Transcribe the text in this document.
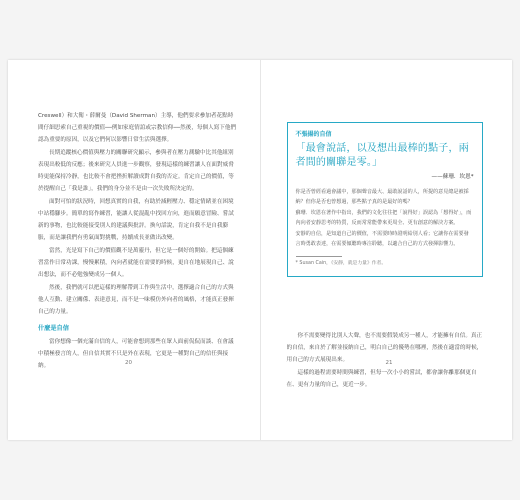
Creswell）和大衛・薛爾曼（David Sherman）主導，他們要求參加者花點時間仔細思索自己重視的價值──例如家庭情誼或宗教信仰──然後，每個人寫下他們認為重要的原因，以及它們何以影響日常生活與選擇。

長期追蹤核心價值與壓力的關聯研究顯示，參與者在壓力測驗中比其他組別表現出較低的反應；後來研究人員進一步觀察，發現這樣的練習讓人在面對威脅時更能保持冷靜，也比較不會把挫折解讀成對自我的否定。肯定自己的價值，等於提醒自己「我是誰」，我們的身分並不是由一次失敗所決定的。

面對可怕的狀況時，回想真實的自我，有助於減輕壓力、穩定情緒並在困境中站穩腳步。簡單的寫作練習，能讓人從混亂中找回方向，進而願意冒險、嘗試新的事物，也比較能接受別人的建議與批評。換句話說，肯定自我不是自我膨脹，而是讓我們有勇氣面對挑戰，持續成長並做出改變。

當然，光是寫下自己的價值觀不是萬靈丹，但它是一個好的開始。把這個練習當作日常功課，慢慢累積，內向者就能在需要的時候，更自在地展現自己、說出想法，而不必勉強變成另一個人。

然後，我們就可以把這樣的理解帶到工作與生活中，選擇適合自己的方式與他人互動、建立關係、表達意見，而不是一味模仿外向者的風格，才能真正發揮自己的力量。

什麼是自信

當你想像一個充滿自信的人，可能會想到那些在眾人面前侃侃而談、在會議中積極發言的人，但自信其實不只是外在表現，它更是一種對自己的信任與接納。	20
不張揚的自信
「最會說話，以及想出最棒的點子，兩者間的關聯是零。」
——蘇珊．坎恩*

你是否曾經看過會議中，那個聲音最大、最敢說話的人，所提的意見總是被採納？但你是否也曾想過，那些點子真的是最好的嗎？

蘇珊．坎恩在著作中指出，我們的文化往往把「說得好」誤認為「想得好」，而內向者安靜思考的特質，反而常常能帶來更周全、更有創意的解決方案。

安靜的自信，是知道自己的價值，不需要時時證明給別人看；它讓你在需要發言時勇敢表達，在需要傾聽時專注聆聽，以適合自己的方式發揮影響力。

* Susan Cain，《安靜，就是力量》作者。

你不需要變得比別人大聲，也不需要假裝成另一種人，才能擁有自信。真正的自信，來自於了解並接納自己，明白自己的優勢在哪裡，然後在適當的時候，用自己的方式展現出來。

這樣的過程需要時間與練習，但每一次小小的嘗試，都會讓你離那個更自在、更有力量的自己，更近一步。

21
